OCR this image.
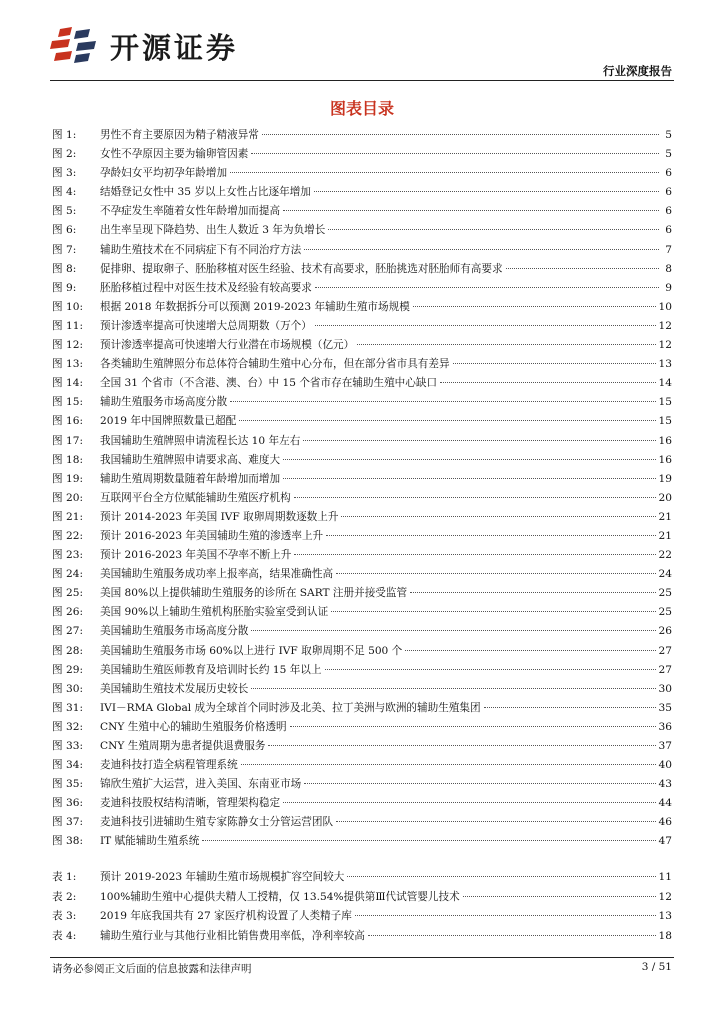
开源证券
行业深度报告
图表目录
图 1:	男性不育主要原因为精子精液异常	5
图 2:	女性不孕原因主要为输卵管因素	5
图 3:	孕龄妇女平均初孕年龄增加	6
图 4:	结婚登记女性中 35 岁以上女性占比逐年增加	6
图 5:	不孕症发生率随着女性年龄增加而提高	6
图 6:	出生率呈现下降趋势、出生人数近 3 年为负增长	6
图 7:	辅助生殖技术在不同病症下有不同治疗方法	7
图 8:	促排卵、提取卵子、胚胎移植对医生经验、技术有高要求，胚胎挑选对胚胎师有高要求	8
图 9:	胚胎移植过程中对医生技术及经验有较高要求	9
图 10:	根据 2018 年数据拆分可以预测 2019-2023 年辅助生殖市场规模	10
图 11:	预计渗透率提高可快速增大总周期数（万个）	12
图 12:	预计渗透率提高可快速增大行业潜在市场规模（亿元）	12
图 13:	各类辅助生殖牌照分布总体符合辅助生殖中心分布，但在部分省市具有差异	13
图 14:	全国 31 个省市（不含港、澳、台）中 15 个省市存在辅助生殖中心缺口	14
图 15:	辅助生殖服务市场高度分散	15
图 16:	2019 年中国牌照数量已超配	15
图 17:	我国辅助生殖牌照申请流程长达 10 年左右	16
图 18:	我国辅助生殖牌照申请要求高、难度大	16
图 19:	辅助生殖周期数量随着年龄增加而增加	19
图 20:	互联网平台全方位赋能辅助生殖医疗机构	20
图 21:	预计 2014-2023 年美国 IVF 取卵周期数逐数上升	21
图 22:	预计 2016-2023 年美国辅助生殖的渗透率上升	21
图 23:	预计 2016-2023 年美国不孕率不断上升	22
图 24:	美国辅助生殖服务成功率上报率高，结果准确性高	24
图 25:	美国 80%以上提供辅助生殖服务的诊所在 SART 注册并接受监管	25
图 26:	美国 90%以上辅助生殖机构胚胎实验室受到认证	25
图 27:	美国辅助生殖服务市场高度分散	26
图 28:	美国辅助生殖服务市场 60%以上进行 IVF 取卵周期不足 500 个	27
图 29:	美国辅助生殖医师教育及培训时长约 15 年以上	27
图 30:	美国辅助生殖技术发展历史较长	30
图 31:	IVI－RMA Global 成为全球首个同时涉及北美、拉丁美洲与欧洲的辅助生殖集团	35
图 32:	CNY 生殖中心的辅助生殖服务价格透明	36
图 33:	CNY 生殖周期为患者提供退费服务	37
图 34:	麦迪科技打造全病程管理系统	40
图 35:	锦欣生殖扩大运营，进入美国、东南亚市场	43
图 36:	麦迪科技股权结构清晰，管理架构稳定	44
图 37:	麦迪科技引进辅助生殖专家陈静女士分管运营团队	46
图 38:	IT 赋能辅助生殖系统	47
表 1:	预计 2019-2023 年辅助生殖市场规模扩容空间较大	11
表 2:	100%辅助生殖中心提供夫精人工授精，仅 13.54%提供第Ⅲ代试管婴儿技术	12
表 3:	2019 年底我国共有 27 家医疗机构设置了人类精子库	13
表 4:	辅助生殖行业与其他行业相比销售费用率低，净利率较高	18
请务必参阅正文后面的信息披露和法律声明	3 / 51
